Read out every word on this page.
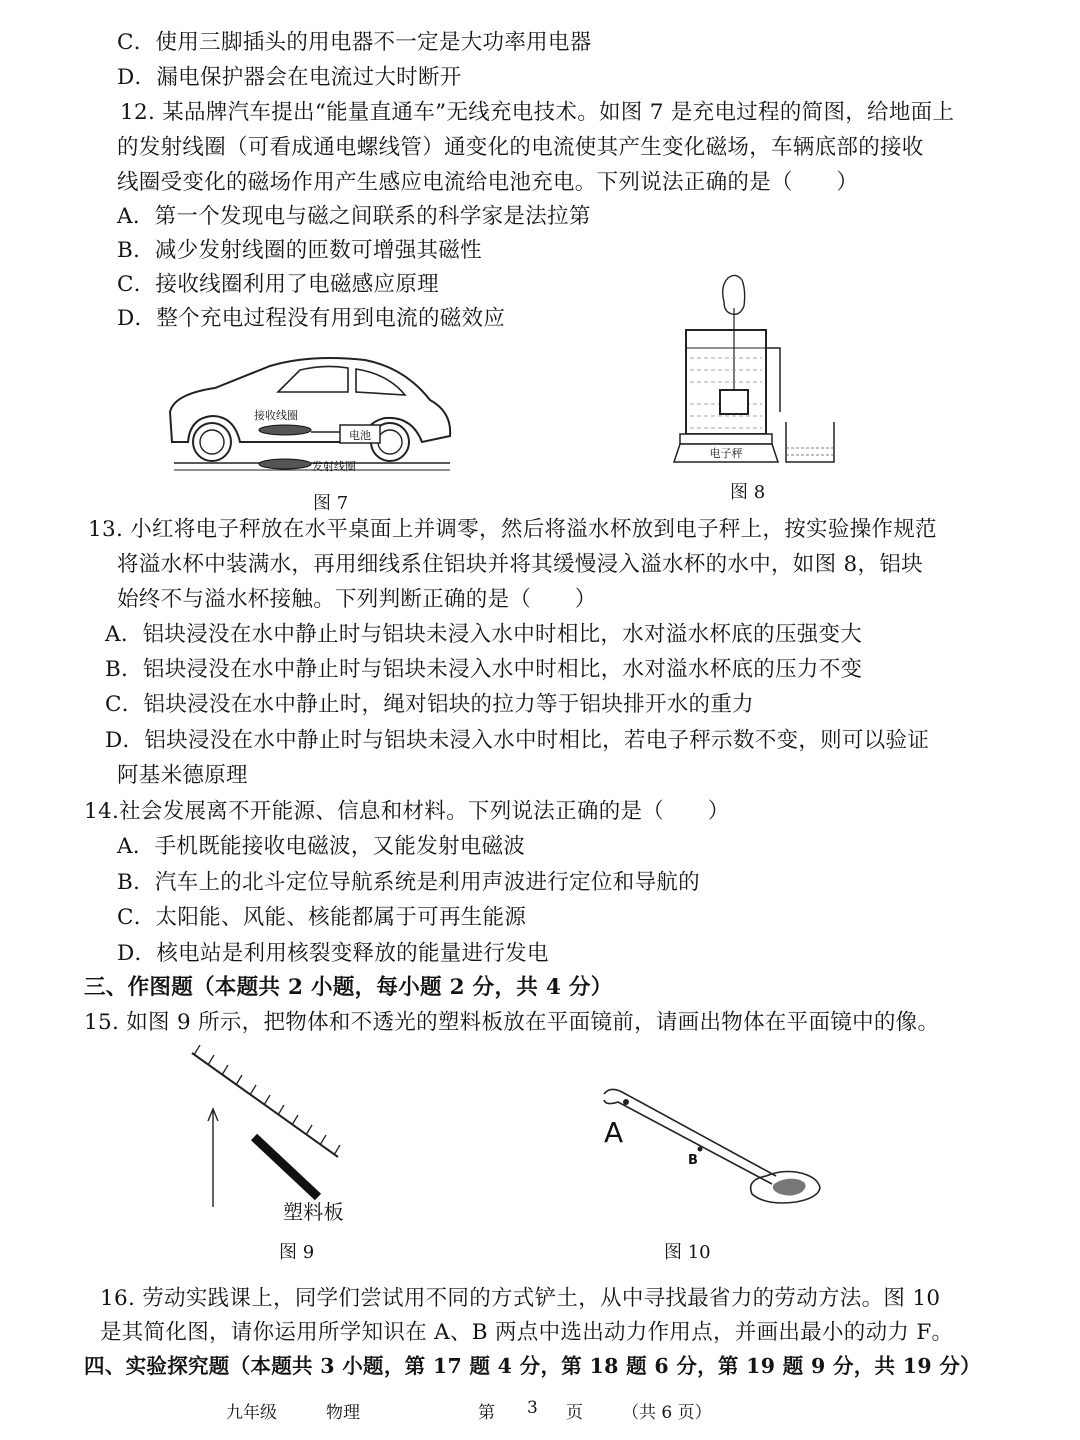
C．使用三脚插头的用电器不一定是大功率用电器
D．漏电保护器会在电流过大时断开
12. 某品牌汽车提出“能量直通车”无线充电技术。如图 7 是充电过程的简图，给地面上
的发射线圈（可看成通电螺线管）通变化的电流使其产生变化磁场，车辆底部的接收
线圈受变化的磁场作用产生感应电流给电池充电。下列说法正确的是（　　）
A．第一个发现电与磁之间联系的科学家是法拉第
B．减少发射线圈的匝数可增强其磁性
C．接收线圈利用了电磁感应原理
D．整个充电过程没有用到电流的磁效应
电池
接收线圈
发射线圈
图 7
电子秤
图 8
13. 小红将电子秤放在水平桌面上并调零，然后将溢水杯放到电子秤上，按实验操作规范
将溢水杯中装满水，再用细线系住铝块并将其缓慢浸入溢水杯的水中，如图 8，铝块
始终不与溢水杯接触。下列判断正确的是（　　）
A．铝块浸没在水中静止时与铝块未浸入水中时相比，水对溢水杯底的压强变大
B．铝块浸没在水中静止时与铝块未浸入水中时相比，水对溢水杯底的压力不变
C．铝块浸没在水中静止时，绳对铝块的拉力等于铝块排开水的重力
D．铝块浸没在水中静止时与铝块未浸入水中时相比，若电子秤示数不变，则可以验证
阿基米德原理
14.社会发展离不开能源、信息和材料。下列说法正确的是（　　）
A．手机既能接收电磁波，又能发射电磁波
B．汽车上的北斗定位导航系统是利用声波进行定位和导航的
C．太阳能、风能、核能都属于可再生能源
D．核电站是利用核裂变释放的能量进行发电
三、作图题（本题共 2 小题，每小题 2 分，共 4 分）
15. 如图 9 所示，把物体和不透光的塑料板放在平面镜前，请画出物体在平面镜中的像。
塑料板
图 9
A
B
图 10
16. 劳动实践课上，同学们尝试用不同的方式铲土，从中寻找最省力的劳动方法。图 10
是其简化图，请你运用所学知识在 A、B 两点中选出动力作用点，并画出最小的动力 F。
四、实验探究题（本题共 3 小题，第 17 题 4 分，第 18 题 6 分，第 19 题 9 分，共 19 分）
九年级	物理	第 3 页 （共 6 页）
